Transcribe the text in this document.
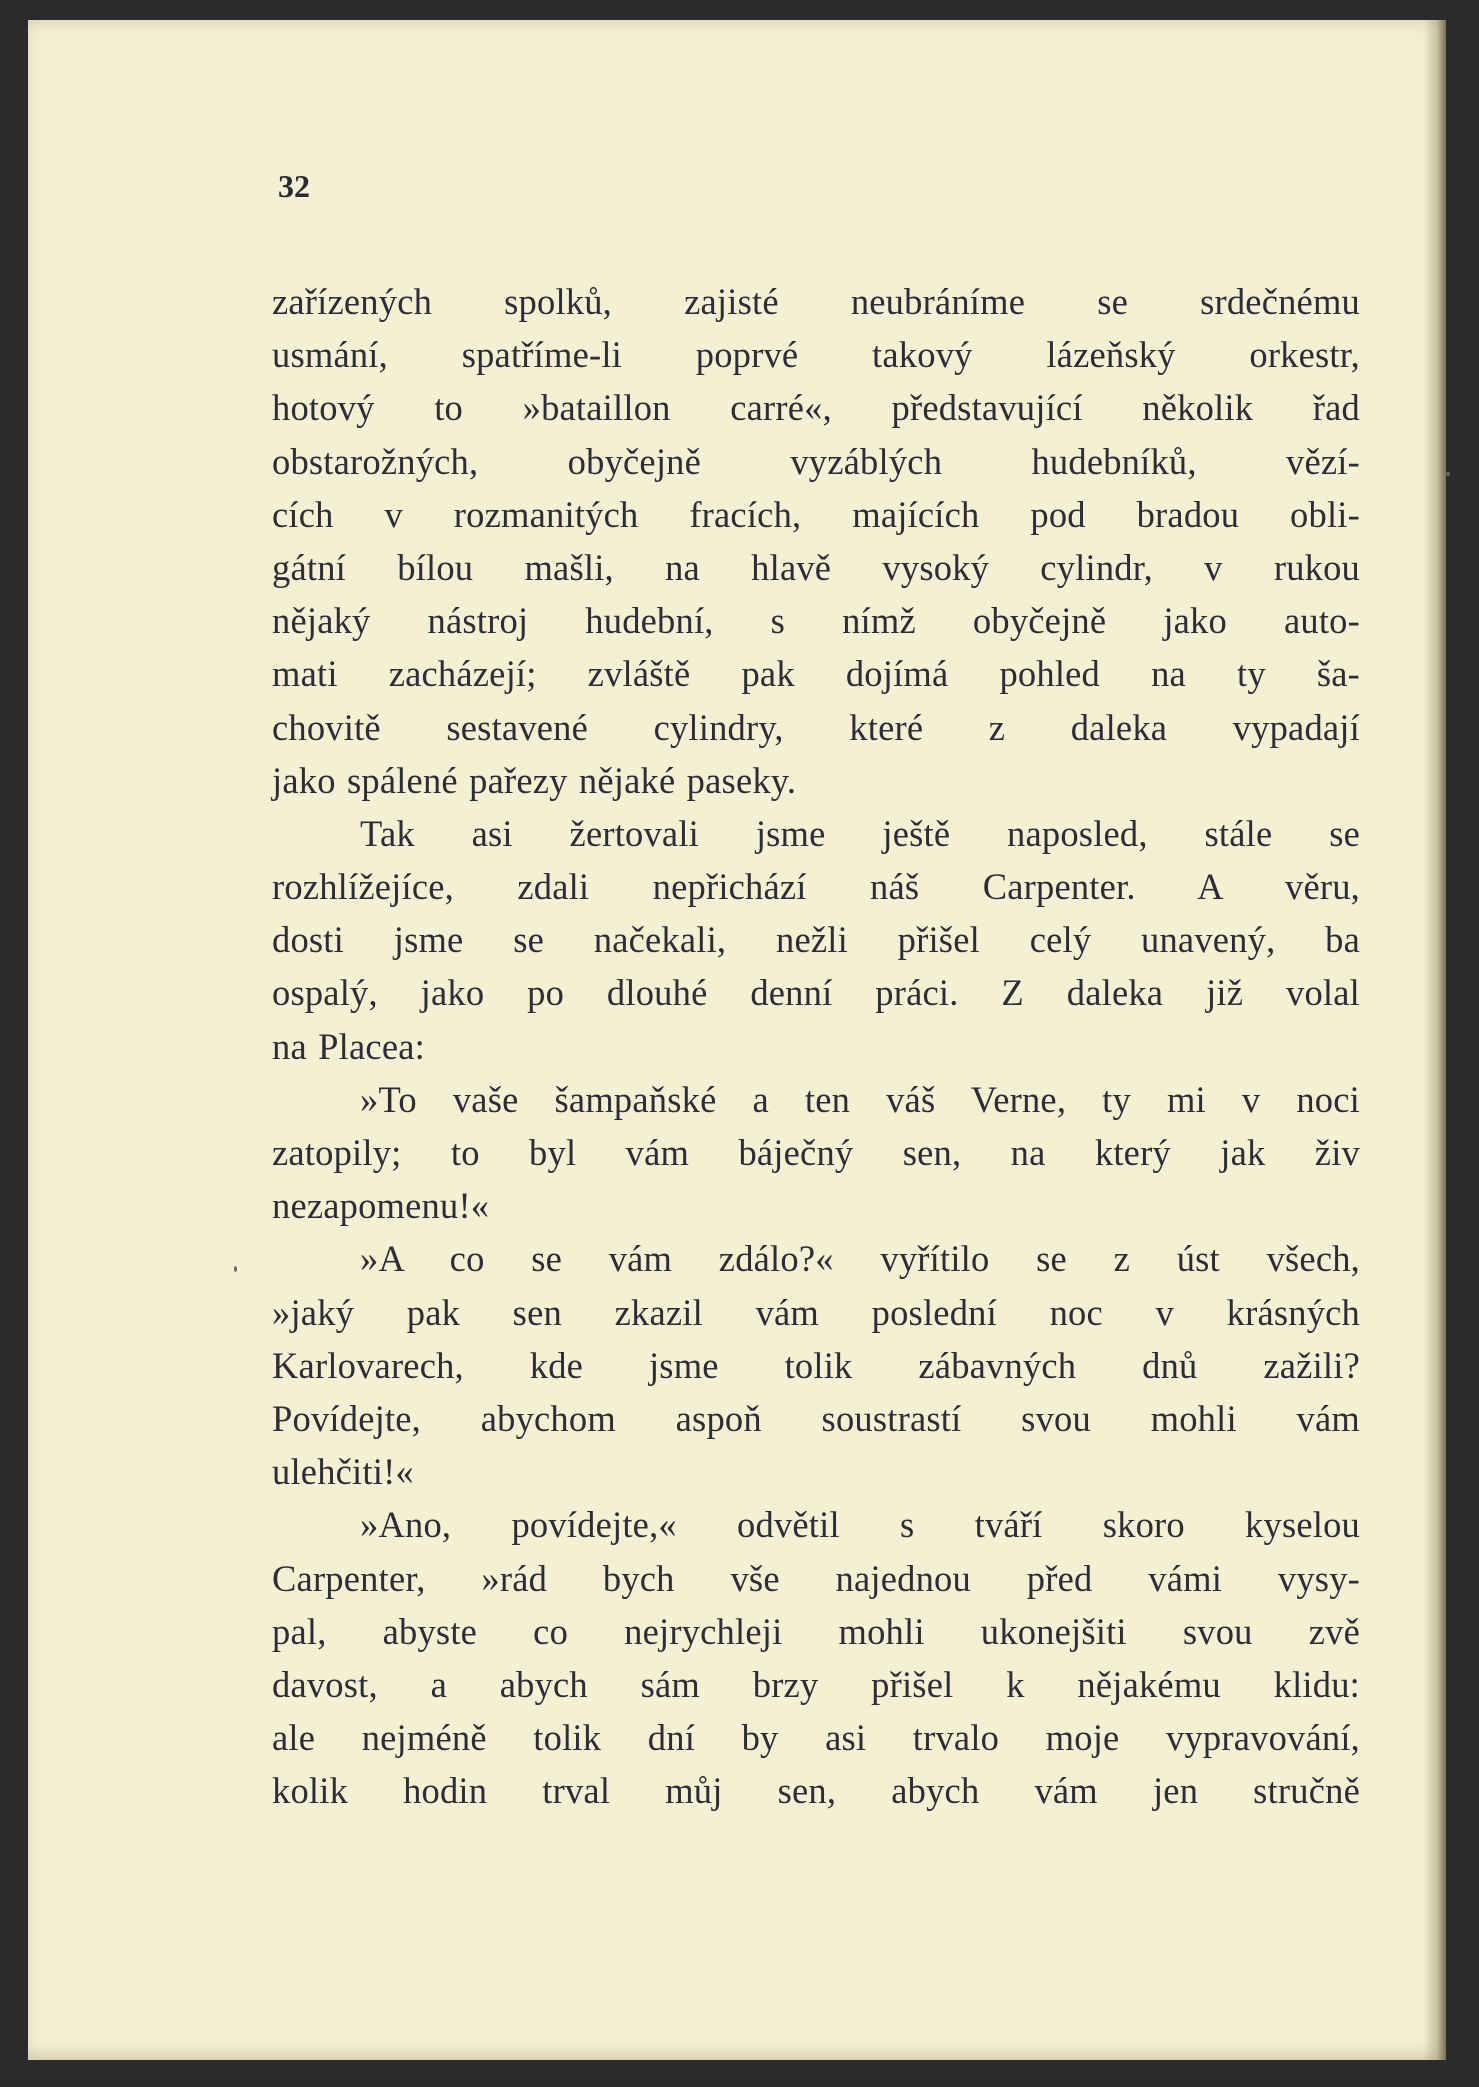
32
zařízených spolků, zajisté neubráníme se srdečnému
usmání, spatříme-li poprvé takový lázeňský orkestr,
hotový to »bataillon carré«, představující několik řad
obstarožných, obyčejně vyzáblých hudebníků, vězí-
cích v rozmanitých fracích, majících pod bradou obli-
gátní bílou mašli, na hlavě vysoký cylindr, v rukou
nějaký nástroj hudební, s nímž obyčejně jako auto-
mati zacházejí; zvláště pak dojímá pohled na ty ša-
chovitě sestavené cylindry, které z daleka vypadají
jako spálené pařezy nějaké paseky.
Tak asi žertovali jsme ještě naposled, stále se
rozhlížejíce, zdali nepřichází náš Carpenter. A věru,
dosti jsme se načekali, nežli přišel celý unavený, ba
ospalý, jako po dlouhé denní práci. Z daleka již volal
na Placea:
»To vaše šampaňské a ten váš Verne, ty mi v noci
zatopily; to byl vám báječný sen, na který jak živ
nezapomenu!«
»A co se vám zdálo?« vyřítilo se z úst všech,
»jaký pak sen zkazil vám poslední noc v krásných
Karlovarech, kde jsme tolik zábavných dnů zažili?
Povídejte, abychom aspoň soustrastí svou mohli vám
ulehčiti!«
»Ano, povídejte,« odvětil s tváří skoro kyselou
Carpenter, »rád bych vše najednou před vámi vysy-
pal, abyste co nejrychleji mohli ukonejšiti svou zvě
davost, a abych sám brzy přišel k nějakému klidu:
ale nejméně tolik dní by asi trvalo moje vypravování,
kolik hodin trval můj sen, abych vám jen stručně
